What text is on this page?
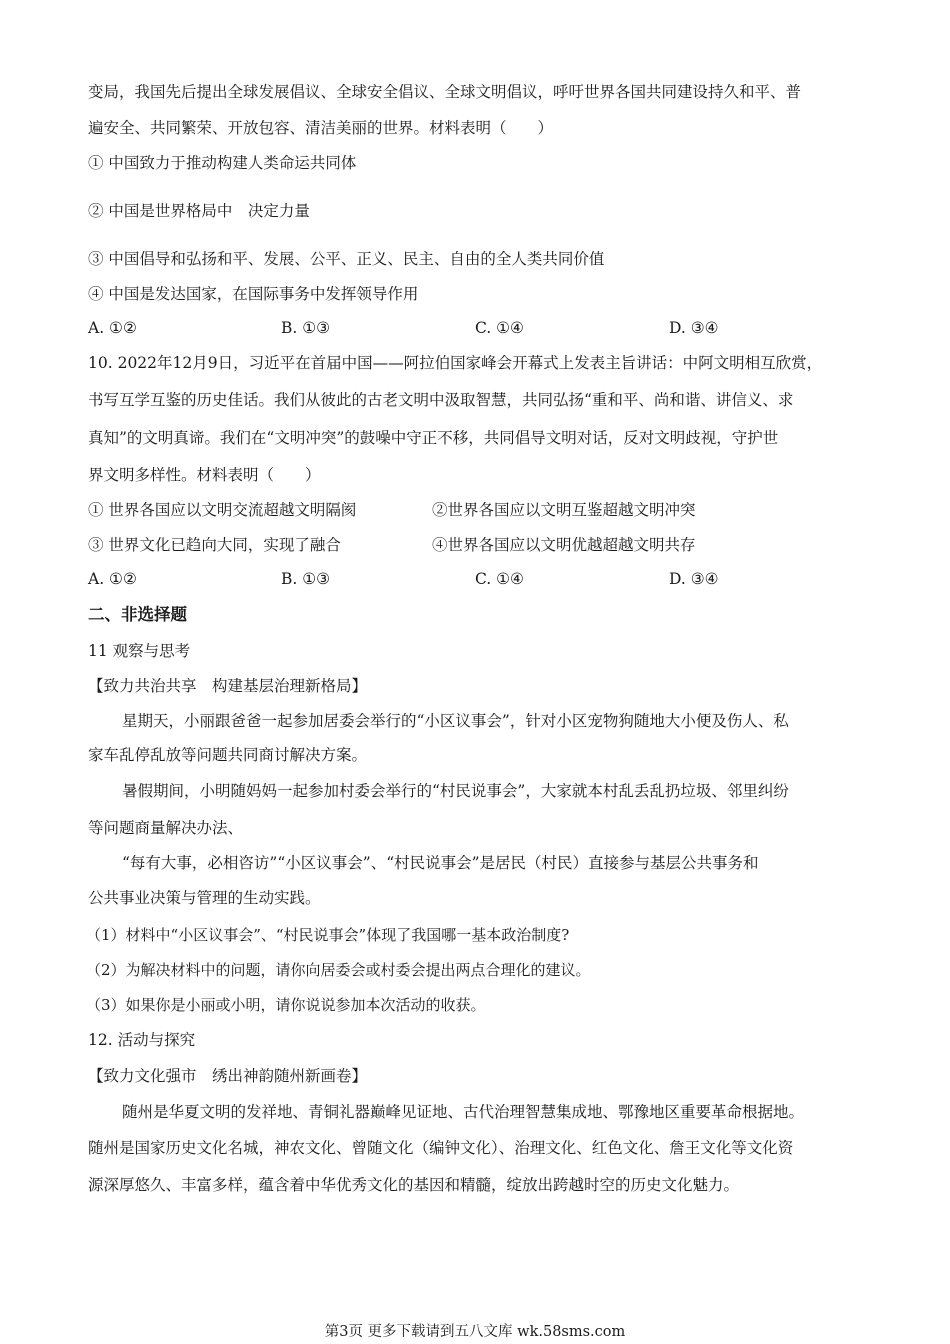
变局，我国先后提出全球发展倡议、全球安全倡议、全球文明倡议，呼吁世界各国共同建设持久和平、普
遍安全、共同繁荣、开放包容、清洁美丽的世界。材料表明（　　）
① 中国致力于推动构建人类命运共同体
② 中国是世界格局中　决定力量
③ 中国倡导和弘扬和平、发展、公平、正义、民主、自由的全人类共同价值
④ 中国是发达国家，在国际事务中发挥领导作用
A. ①②	B. ①③	C. ①④	D. ③④
10. 2022年12月9日，习近平在首届中国——阿拉伯国家峰会开幕式上发表主旨讲话：中阿文明相互欣赏，
书写互学互鉴的历史佳话。我们从彼此的古老文明中汲取智慧，共同弘扬“重和平、尚和谐、讲信义、求
真知”的文明真谛。我们在“文明冲突”的鼓噪中守正不移，共同倡导文明对话，反对文明歧视，守护世
界文明多样性。材料表明（　　）
① 世界各国应以文明交流超越文明隔阂	②世界各国应以文明互鉴超越文明冲突
③ 世界文化已趋向大同，实现了融合	④世界各国应以文明优越超越文明共存
A. ①②	B. ①③	C. ①④	D. ③④
二、非选择题
11 观察与思考
【致力共治共享　构建基层治理新格局】
星期天，小丽跟爸爸一起参加居委会举行的“小区议事会”，针对小区宠物狗随地大小便及伤人、私
家车乱停乱放等问题共同商讨解决方案。
暑假期间，小明随妈妈一起参加村委会举行的“村民说事会”，大家就本村乱丢乱扔垃圾、邻里纠纷
等问题商量解决办法、
“每有大事，必相咨访”“小区议事会”、“村民说事会”是居民（村民）直接参与基层公共事务和
公共事业决策与管理的生动实践。
（1）材料中“小区议事会”、“村民说事会”体现了我国哪一基本政治制度?
（2）为解决材料中的问题，请你向居委会或村委会提出两点合理化的建议。
（3）如果你是小丽或小明，请你说说参加本次活动的收获。
12. 活动与探究
【致力文化强市　绣出神韵随州新画卷】
随州是华夏文明的发祥地、青铜礼器巅峰见证地、古代治理智慧集成地、鄂豫地区重要革命根据地。
随州是国家历史文化名城，神农文化、曾随文化（编钟文化）、治理文化、红色文化、詹王文化等文化资
源深厚悠久、丰富多样，蕴含着中华优秀文化的基因和精髓，绽放出跨越时空的历史文化魅力。
第3页 更多下载请到五八文库 wk.58sms.com
